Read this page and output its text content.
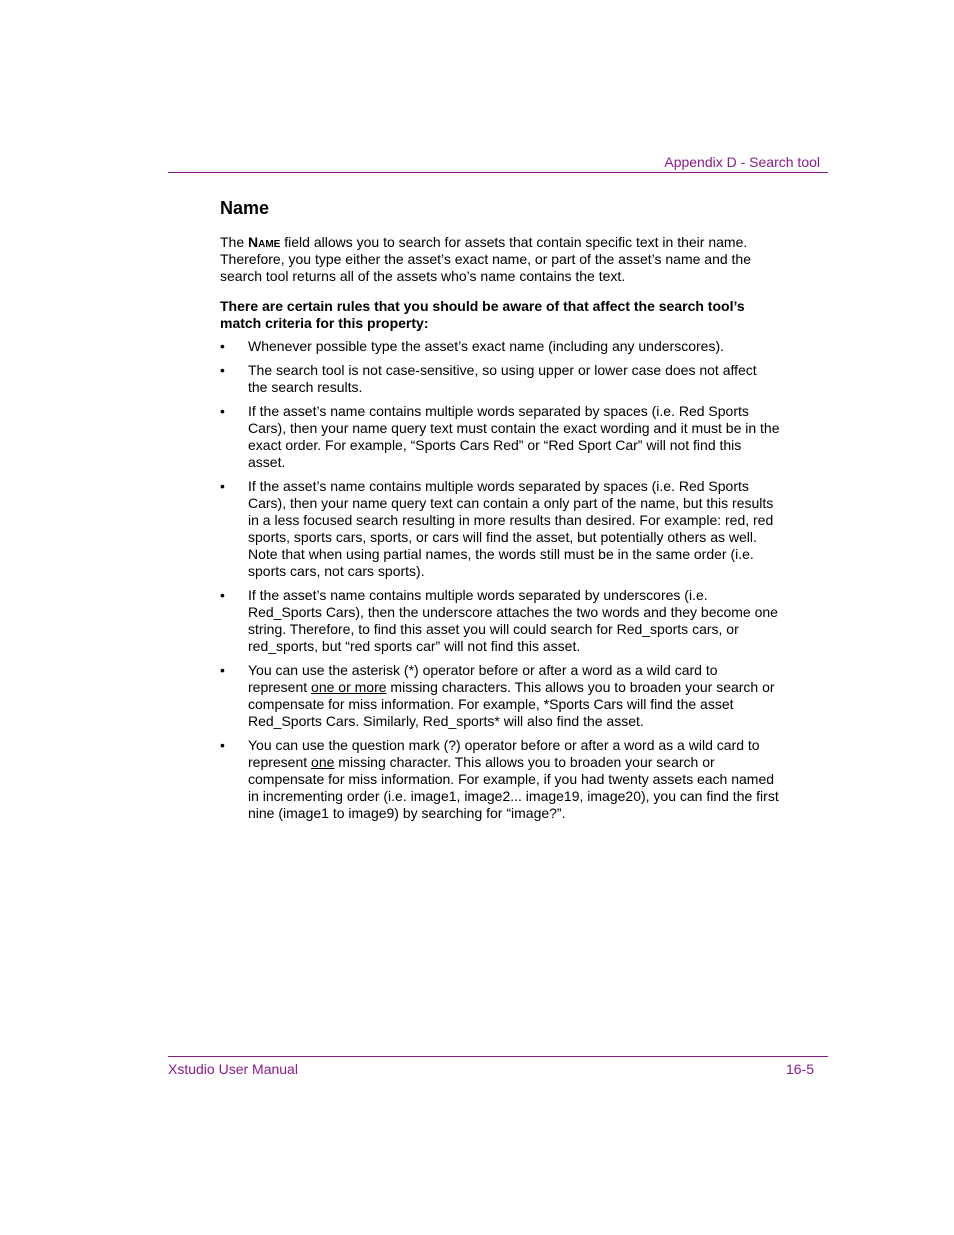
Appendix D - Search tool
Name

The Name field allows you to search for assets that contain specific text in their name. Therefore, you type either the asset’s exact name, or part of the asset’s name and the search tool returns all of the assets who’s name contains the text.

There are certain rules that you should be aware of that affect the search tool’s match criteria for this property:

• Whenever possible type the asset’s exact name (including any underscores).
• The search tool is not case-sensitive, so using upper or lower case does not affect the search results.
• If the asset’s name contains multiple words separated by spaces (i.e. Red Sports Cars), then your name query text must contain the exact wording and it must be in the exact order. For example, “Sports Cars Red” or “Red Sport Car” will not find this asset.
• If the asset’s name contains multiple words separated by spaces (i.e. Red Sports Cars), then your name query text can contain a only part of the name, but this results in a less focused search resulting in more results than desired. For example: red, red sports, sports cars, sports, or cars will find the asset, but potentially others as well. Note that when using partial names, the words still must be in the same order (i.e. sports cars, not cars sports).
• If the asset’s name contains multiple words separated by underscores (i.e. Red_Sports Cars), then the underscore attaches the two words and they become one string. Therefore, to find this asset you will could search for Red_sports cars, or red_sports, but “red sports car” will not find this asset.
• You can use the asterisk (*) operator before or after a word as a wild card to represent one or more missing characters. This allows you to broaden your search or compensate for miss information. For example, *Sports Cars will find the asset Red_Sports Cars. Similarly, Red_sports* will also find the asset.
• You can use the question mark (?) operator before or after a word as a wild card to represent one missing character. This allows you to broaden your search or compensate for miss information. For example, if you had twenty assets each named in incrementing order (i.e. image1, image2... image19, image20), you can find the first nine (image1 to image9) by searching for “image?”.
Xstudio User Manual	16-5
